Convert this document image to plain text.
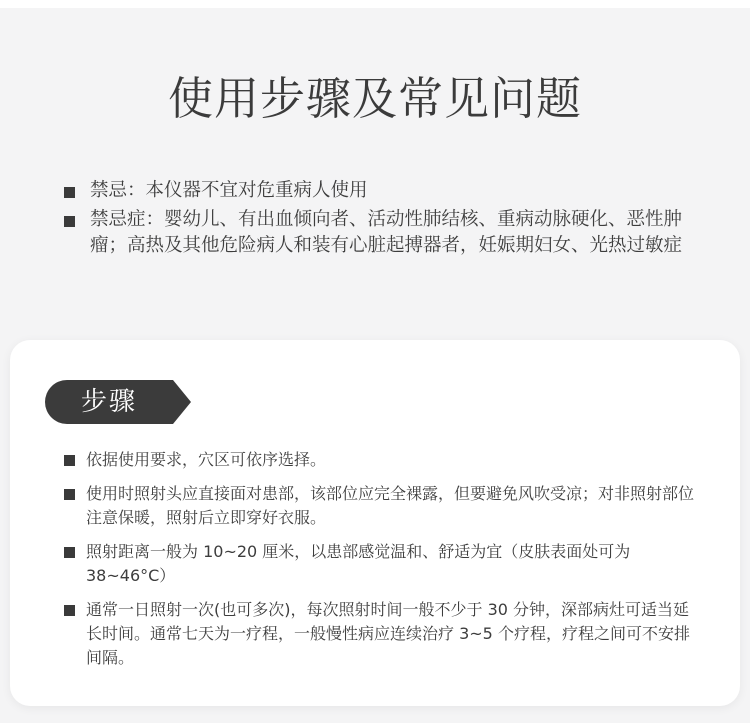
使用步骤及常见问题
禁忌：本仪器不宜对危重病人使用
禁忌症：婴幼儿、有出血倾向者、活动性肺结核、重病动脉硬化、恶性肿瘤；高热及其他危险病人和装有心脏起搏器者，妊娠期妇女、光热过敏症
步骤
依据使用要求，穴区可依序选择。
使用时照射头应直接面对患部，该部位应完全裸露，但要避免风吹受凉；对非照射部位注意保暖，照射后立即穿好衣服。
照射距离一般为 10~20 厘米，以患部感觉温和、舒适为宜（皮肤表面处可为38~46°C）
通常一日照射一次(也可多次)，每次照射时间一般不少于 30 分钟，深部病灶可适当延长时间。通常七天为一疗程，一般慢性病应连续治疗 3~5 个疗程，疗程之间可不安排间隔。
